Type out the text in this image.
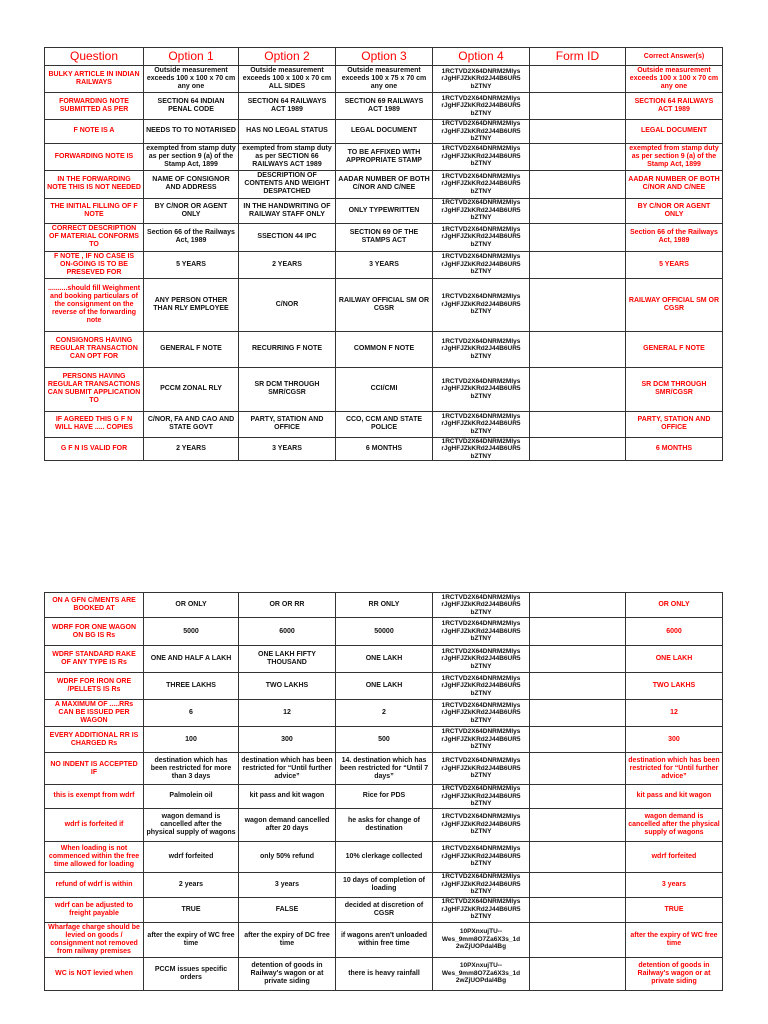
Question	Option 1	Option 2	Option 3	Option 4	Form ID	Correct Answer(s)
BULKY ARTICLE IN INDIAN RAILWAYS	Outside measurement exceeds 100 x 100 x 70 cm any one	Outside measurement exceeds 100 x 100 x 70 cm ALL SIDES	Outside measurement exceeds 100 x 75 x 70 cm any one	1RCTVD2X64DNRM2Mlys rJgHFJZkKRd2J44B6UR5 bZTNY		Outside measurement exceeds 100 x 100 x 70 cm any one
FORWARDING NOTE SUBMITTED AS PER	SECTION 64 INDIAN PENAL CODE	SECTION 64 RAILWAYS ACT 1989	SECTION 69 RAILWAYS ACT 1989	1RCTVD2X64DNRM2Mlys rJgHFJZkKRd2J44B6UR5 bZTNY		SECTION 64 RAILWAYS ACT 1989
F NOTE IS A	NEEDS TO TO NOTARISED	HAS NO LEGAL STATUS	LEGAL DOCUMENT	1RCTVD2X64DNRM2Mlys rJgHFJZkKRd2J44B6UR5 bZTNY		LEGAL DOCUMENT
FORWARDING NOTE IS	exempted from stamp duty as per section 9 (a) of the Stamp Act, 1899	exempted from stamp duty as per SECTION 66 RAILWAYS ACT 1989	TO BE AFFIXED WITH APPROPRIATE STAMP	1RCTVD2X64DNRM2Mlys rJgHFJZkKRd2J44B6UR5 bZTNY		exempted from stamp duty as per section 9 (a) of the Stamp Act, 1899
IN THE FORWARDING NOTE THIS IS NOT NEEDED	NAME OF CONSIGNOR AND ADDRESS	DESCRIPTION OF CONTENTS AND WEIGHT DESPATCHED	AADAR NUMBER OF BOTH C/NOR AND C/NEE	1RCTVD2X64DNRM2Mlys rJgHFJZkKRd2J44B6UR5 bZTNY		AADAR NUMBER OF BOTH C/NOR AND C/NEE
THE INITIAL FILLING OF F NOTE	BY C/NOR OR AGENT ONLY	IN THE HANDWRITING OF RAILWAY STAFF ONLY	ONLY TYPEWRITTEN	1RCTVD2X64DNRM2Mlys rJgHFJZkKRd2J44B6UR5 bZTNY		BY C/NOR OR AGENT ONLY
CORRECT DESCRIPTION OF MATERIAL CONFORMS TO	Section 66 of the Railways Act, 1989	SSECTION 44 IPC	SECTION 69 OF THE STAMPS ACT	1RCTVD2X64DNRM2Mlys rJgHFJZkKRd2J44B6UR5 bZTNY		Section 66 of the Railways Act, 1989
F NOTE , IF NO CASE IS ON-GOING IS TO BE PRESEVED FOR	5 YEARS	2 YEARS	3 YEARS	1RCTVD2X64DNRM2Mlys rJgHFJZkKRd2J44B6UR5 bZTNY		5 YEARS
..........should fill Weighment and booking particulars of the consignment on the reverse of the forwarding note	ANY PERSON OTHER THAN RLY EMPLOYEE	C/NOR	RAILWAY OFFICIAL SM OR CGSR	1RCTVD2X64DNRM2Mlys rJgHFJZkKRd2J44B6UR5 bZTNY		RAILWAY OFFICIAL SM OR CGSR
CONSIGNORS HAVING REGULAR TRANSACTION CAN OPT FOR	GENERAL F NOTE	RECURRING F NOTE	COMMON F NOTE	1RCTVD2X64DNRM2Mlys rJgHFJZkKRd2J44B6UR5 bZTNY		GENERAL F NOTE
PERSONS HAVING REGULAR TRANSACTIONS CAN SUBMIT APPLICATION TO	PCCM ZONAL RLY	SR DCM THROUGH SMR/CGSR	CCI/CMI	1RCTVD2X64DNRM2Mlys rJgHFJZkKRd2J44B6UR5 bZTNY		SR DCM THROUGH SMR/CGSR
IF AGREED THIS G F N WILL HAVE ..... COPIES	C/NOR, FA AND CAO AND STATE GOVT	PARTY, STATION AND OFFICE	CCO, CCM AND STATE POLICE	1RCTVD2X64DNRM2Mlys rJgHFJZkKRd2J44B6UR5 bZTNY		PARTY, STATION AND OFFICE
G F N IS VALID FOR	2 YEARS	3 YEARS	6 MONTHS	1RCTVD2X64DNRM2Mlys rJgHFJZkKRd2J44B6UR5 bZTNY		6 MONTHS
ON A GFN C/MENTS ARE BOOKED AT	OR ONLY	OR OR RR	RR ONLY	1RCTVD2X64DNRM2Mlys rJgHFJZkKRd2J44B6UR5 bZTNY		OR ONLY
WDRF FOR ONE WAGON ON BG IS Rs	5000	6000	50000	1RCTVD2X64DNRM2Mlys rJgHFJZkKRd2J44B6UR5 bZTNY		6000
WDRF STANDARD RAKE OF ANY TYPE IS Rs	ONE AND HALF A LAKH	ONE LAKH FIFTY THOUSAND	ONE LAKH	1RCTVD2X64DNRM2Mlys rJgHFJZkKRd2J44B6UR5 bZTNY		ONE LAKH
WDRF FOR IRON ORE /PELLETS IS Rs	THREE LAKHS	TWO LAKHS	ONE LAKH	1RCTVD2X64DNRM2Mlys rJgHFJZkKRd2J44B6UR5 bZTNY		TWO LAKHS
A MAXIMUM OF .....RRs CAN BE ISSUED PER WAGON	6	12	2	1RCTVD2X64DNRM2Mlys rJgHFJZkKRd2J44B6UR5 bZTNY		12
EVERY ADDITIONAL RR IS CHARGED Rs	100	300	500	1RCTVD2X64DNRM2Mlys rJgHFJZkKRd2J44B6UR5 bZTNY		300
NO INDENT IS ACCEPTED IF	destination which has been restricted for more than 3 days	destination which has been restricted for “Until further advice”	14. destination which has been restricted for “Until 7 days”	1RCTVD2X64DNRM2Mlys rJgHFJZkKRd2J44B6UR5 bZTNY		destination which has been restricted for “Until further advice”
this is exempt from wdrf	Palmolein oil	kit pass and kit wagon	Rice for PDS	1RCTVD2X64DNRM2Mlys rJgHFJZkKRd2J44B6UR5 bZTNY		kit pass and kit wagon
wdrf is forfeited if	wagon demand is cancelled after the physical supply of wagons	wagon demand cancelled after 20 days	he asks for change of destination	1RCTVD2X64DNRM2Mlys rJgHFJZkKRd2J44B6UR5 bZTNY		wagon demand is cancelled after the physical supply of wagons
When loading is not commenced within the free time allowed for loading	wdrf forfeited	only 50% refund	10% clerkage collected	1RCTVD2X64DNRM2Mlys rJgHFJZkKRd2J44B6UR5 bZTNY		wdrf forfeited
refund of wdrf is within	2 years	3 years	10 days of completion of loading	1RCTVD2X64DNRM2Mlys rJgHFJZkKRd2J44B6UR5 bZTNY		3 years
wdrf can be adjusted to freight payable	TRUE	FALSE	decided at discretion of CGSR	1RCTVD2X64DNRM2Mlys rJgHFJZkKRd2J44B6UR5 bZTNY		TRUE
Wharfage charge should be levied on goods / consignment not removed from railway premises	after the expiry of WC free time	after the expiry of DC free time	if wagons aren't unloaded within free time	10PXnxujTU-- Wes_9mm8O7Za6X3s_1d 2wZjUOPdal4Bg		after the expiry of WC free time
WC is NOT levied when	PCCM issues specific orders	detention of goods in Railway's wagon or at private siding	there is heavy rainfall	10PXnxujTU-- Wes_9mm8O7Za6X3s_1d 2wZjUOPdal4Bg		detention of goods in Railway's wagon or at private siding
